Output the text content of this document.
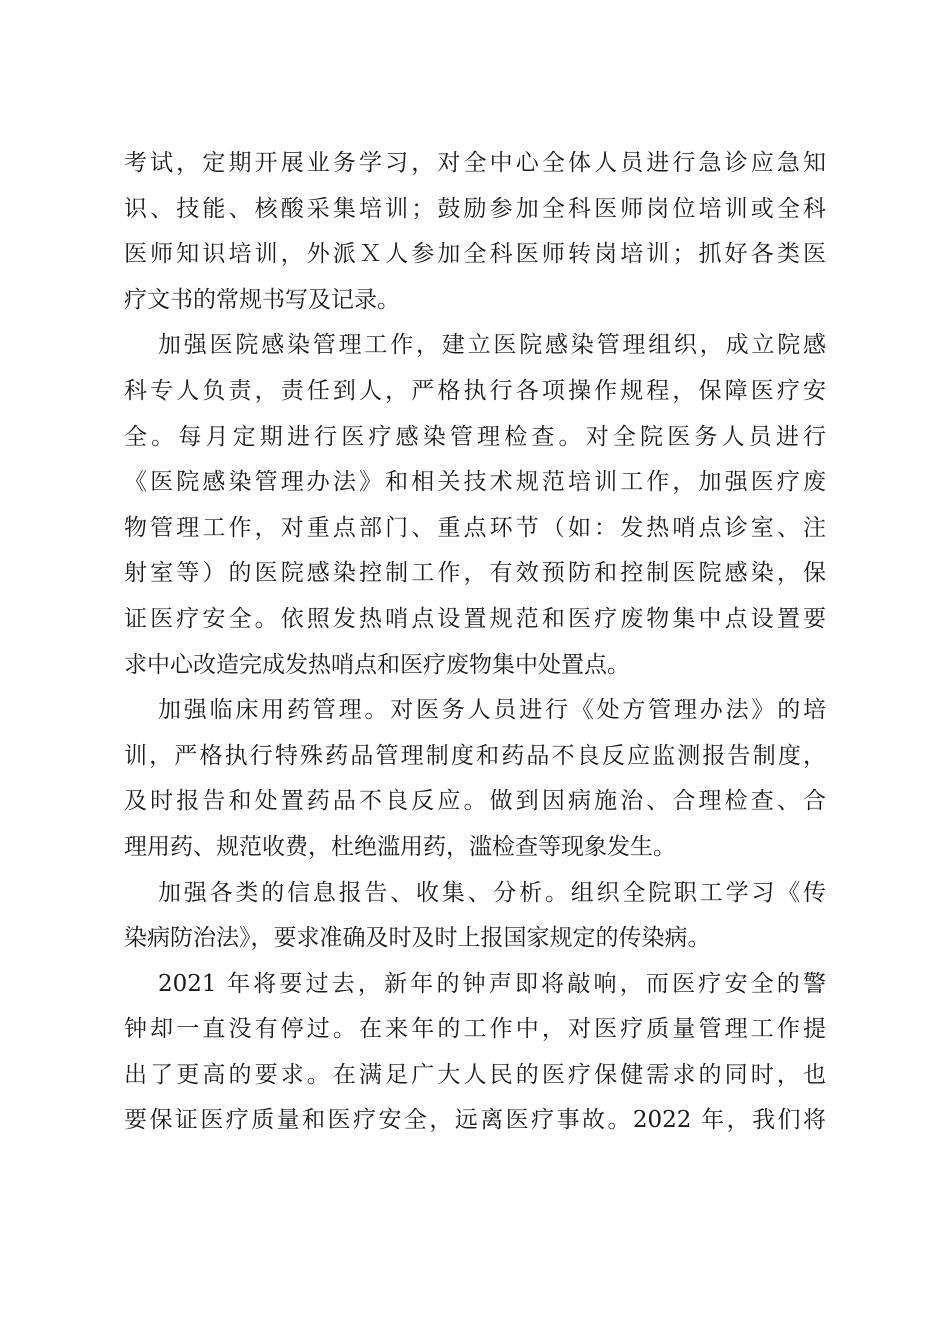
考试，定期开展业务学习，对全中心全体人员进行急诊应急知
识、技能、核酸采集培训；鼓励参加全科医师岗位培训或全科
医师知识培训，外派Ｘ人参加全科医师转岗培训；抓好各类医
疗文书的常规书写及记录。
加强医院感染管理工作，建立医院感染管理组织，成立院感
科专人负责，责任到人，严格执行各项操作规程，保障医疗安
全。每月定期进行医疗感染管理检查。对全院医务人员进行
《医院感染管理办法》和相关技术规范培训工作，加强医疗废
物管理工作，对重点部门、重点环节（如：发热哨点诊室、注
射室等）的医院感染控制工作，有效预防和控制医院感染，保
证医疗安全。依照发热哨点设置规范和医疗废物集中点设置要
求中心改造完成发热哨点和医疗废物集中处置点。
加强临床用药管理。对医务人员进行《处方管理办法》的培
训，严格执行特殊药品管理制度和药品不良反应监测报告制度，
及时报告和处置药品不良反应。做到因病施治、合理检查、合
理用药、规范收费，杜绝滥用药，滥检查等现象发生。
加强各类的信息报告、收集、分析。组织全院职工学习《传
染病防治法》，要求准确及时及时上报国家规定的传染病。
2021 年将要过去，新年的钟声即将敲响，而医疗安全的警
钟却一直没有停过。在来年的工作中，对医疗质量管理工作提
出了更高的要求。在满足广大人民的医疗保健需求的同时，也
要保证医疗质量和医疗安全，远离医疗事故。2022 年，我们将
